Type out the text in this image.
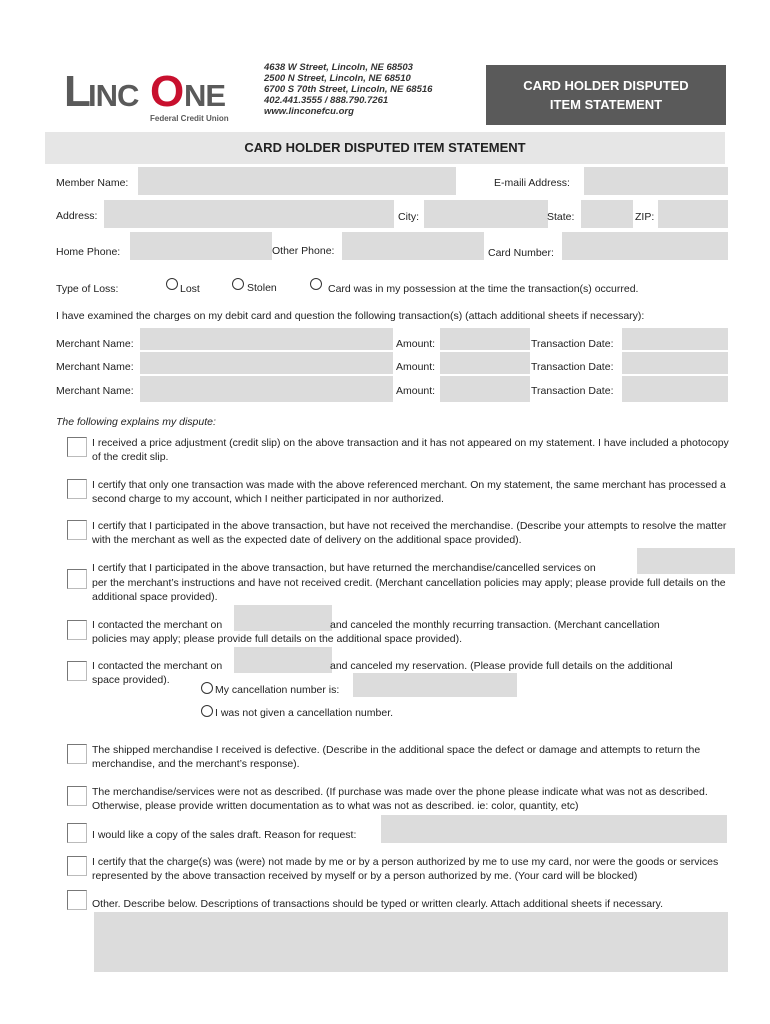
L INC O NE
Federal Credit Union
4638 W Street, Lincoln, NE 68503
2500 N Street, Lincoln, NE 68510
6700 S 70th Street, Lincoln, NE 68516
402.441.3555 / 888.790.7261
www.linconefcu.org
CARD HOLDER DISPUTED
ITEM STATEMENT
CARD HOLDER DISPUTED ITEM STATEMENT
Member Name:	E-maili Address:
Address:	City:	State:	ZIP:
Home Phone:	Other Phone:	Card Number:
Type of Loss:	Lost	Stolen	Card was in my possession at the time the transaction(s) occurred.
I have examined the charges on my debit card and question the following transaction(s) (attach additional sheets if necessary):
Merchant Name:	Amount:	Transaction Date:
Merchant Name:	Amount:	Transaction Date:
Merchant Name:	Amount:	Transaction Date:
The following explains my dispute:
I received a price adjustment (credit slip) on the above transaction and it has not appeared on my statement. I have included a photocopy of the credit slip.
I certify that only one transaction was made with the above referenced merchant. On my statement, the same merchant has processed a second charge to my account, which I neither participated in nor authorized.
I certify that I participated in the above transaction, but have not received the merchandise. (Describe your attempts to resolve the matter with the merchant as well as the expected date of delivery on the additional space provided).
I certify that I participated in the above transaction, but have returned the merchandise/cancelled services on
per the merchant’s instructions and have not received credit. (Merchant cancellation policies may apply; please provide full details on the additional space provided).
I contacted the merchant on	and canceled the monthly recurring transaction. (Merchant cancellation
policies may apply; please provide full details on the additional space provided).
I contacted the merchant on	and canceled my reservation. (Please provide full details on the additional
space provided).
My cancellation number is:
I was not given a cancellation number.
The shipped merchandise I received is defective. (Describe in the additional space the defect or damage and attempts to return the merchandise, and the merchant’s response).
The merchandise/services were not as described. (If purchase was made over the phone please indicate what was not as described. Otherwise, please provide written documentation as to what was not as described. ie: color, quantity, etc)
I would like a copy of the sales draft. Reason for request:
I certify that the charge(s) was (were) not made by me or by a person authorized by me to use my card, nor were the goods or services represented by the above transaction received by myself or by a person authorized by me. (Your card will be blocked)
Other. Describe below. Descriptions of transactions should be typed or written clearly. Attach additional sheets if necessary.
